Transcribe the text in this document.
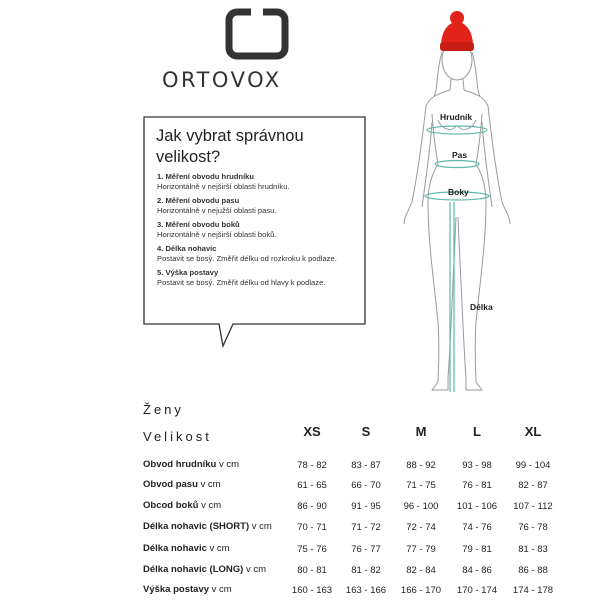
ORTOVOX
Jak vybrat správnou velikost?
1. Měření obvodu hrudníku
Horizontálně v nejširší oblasti hrudníku.
2. Měření obvodu pasu
Horizontálně v nejužší oblasti pasu.
3. Měření obvodu boků
Horizontálně v nejširší oblasti boků.
4. Délka nohavic
Postavit se bosý. Změřit délku od rozkroku k podlaze.
5. Výška postavy
Postavit se bosý. Změřit délku od hlavy k podlaze.
Hrudník
Pas
Boky
Délka
Ženy
Velikost	XS	S	M	L	XL
Obvod hrudníku v cm	78 - 82	83 - 87	88 - 92	93 - 98	99 - 104
Obvod pasu v cm	61 - 65	66 - 70	71 - 75	76 - 81	82 - 87
Obcod boků v cm	86 - 90	91 - 95	96 - 100	101 - 106	107 - 112
Délka nohavic (SHORT) v cm	70 - 71	71 - 72	72 - 74	74 - 76	76 - 78
Délka nohavic v cm	75 - 76	76 - 77	77 - 79	79 - 81	81 - 83
Délka nohavic (LONG) v cm	80 - 81	81 - 82	82 - 84	84 - 86	86 - 88
Výška postavy v cm	160 - 163	163 - 166	166 - 170	170 - 174	174 - 178
